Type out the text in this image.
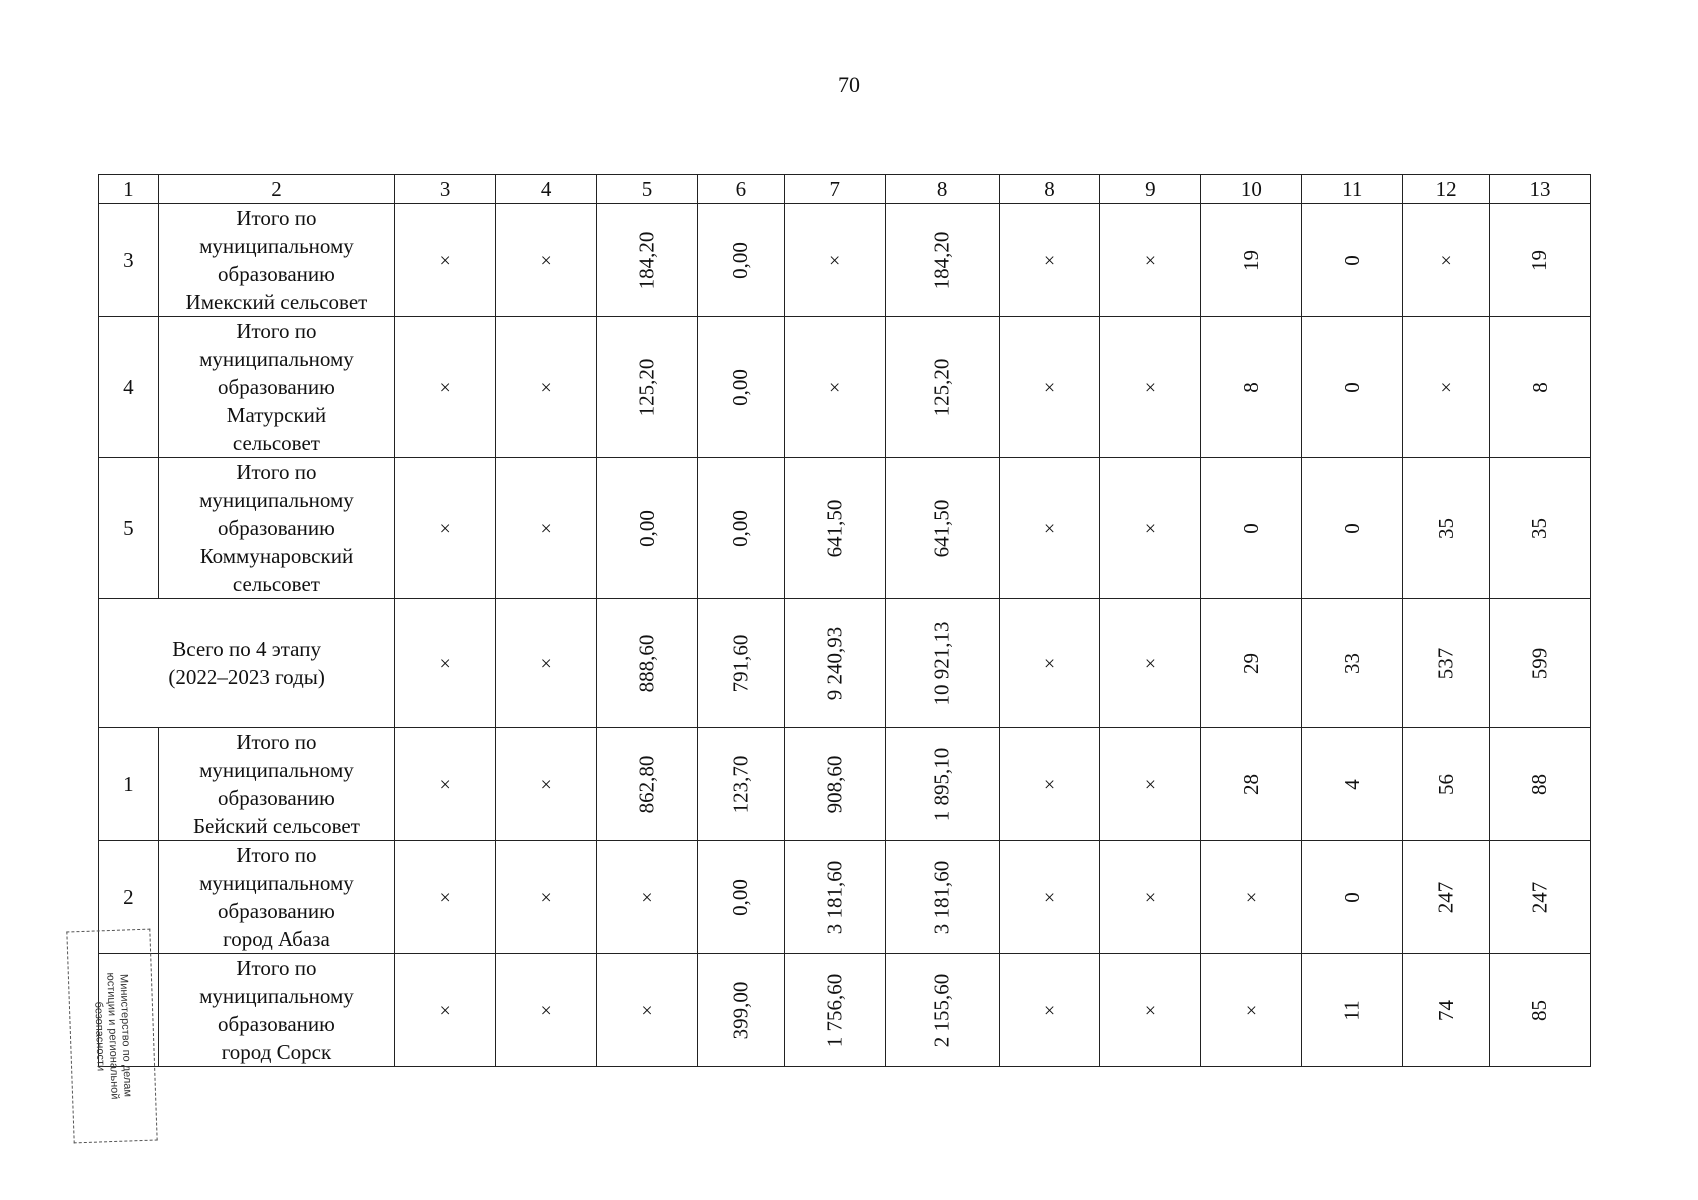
70
1	2	3	4	5	6	7	8	8	9	10	11	12	13
3	Итого по
муниципальному
образованию
Имекский сельсовет	×	×	184,20	0,00	×	184,20	×	×	19	0	×	19
4	Итого по
муниципальному
образованию
Матурский
сельсовет	×	×	125,20	0,00	×	125,20	×	×	8	0	×	8
5	Итого по
муниципальному
образованию
Коммунаровский
сельсовет	×	×	0,00	0,00	641,50	641,50	×	×	0	0	35	35

Всего по 4 этапу
(2022–2023 годы)		×	×	888,60	791,60	9 240,93	10 921,13	×	×	29	33	537	599
1	Итого по
муниципальному
образованию
Бейский сельсовет	×	×	862,80	123,70	908,60	1 895,10	×	×	28	4	56	88
2	Итого по
муниципальному
образованию
город Абаза	×	×	×	0,00	3 181,60	3 181,60	×	×	×	0	247	247

	Итого по
муниципальному
образованию
город Сорск	×	×	×	399,00	1 756,60	2 155,60	×	×	×	11	74	85
Министерство по делам
юстиции и региональной
безопасности
